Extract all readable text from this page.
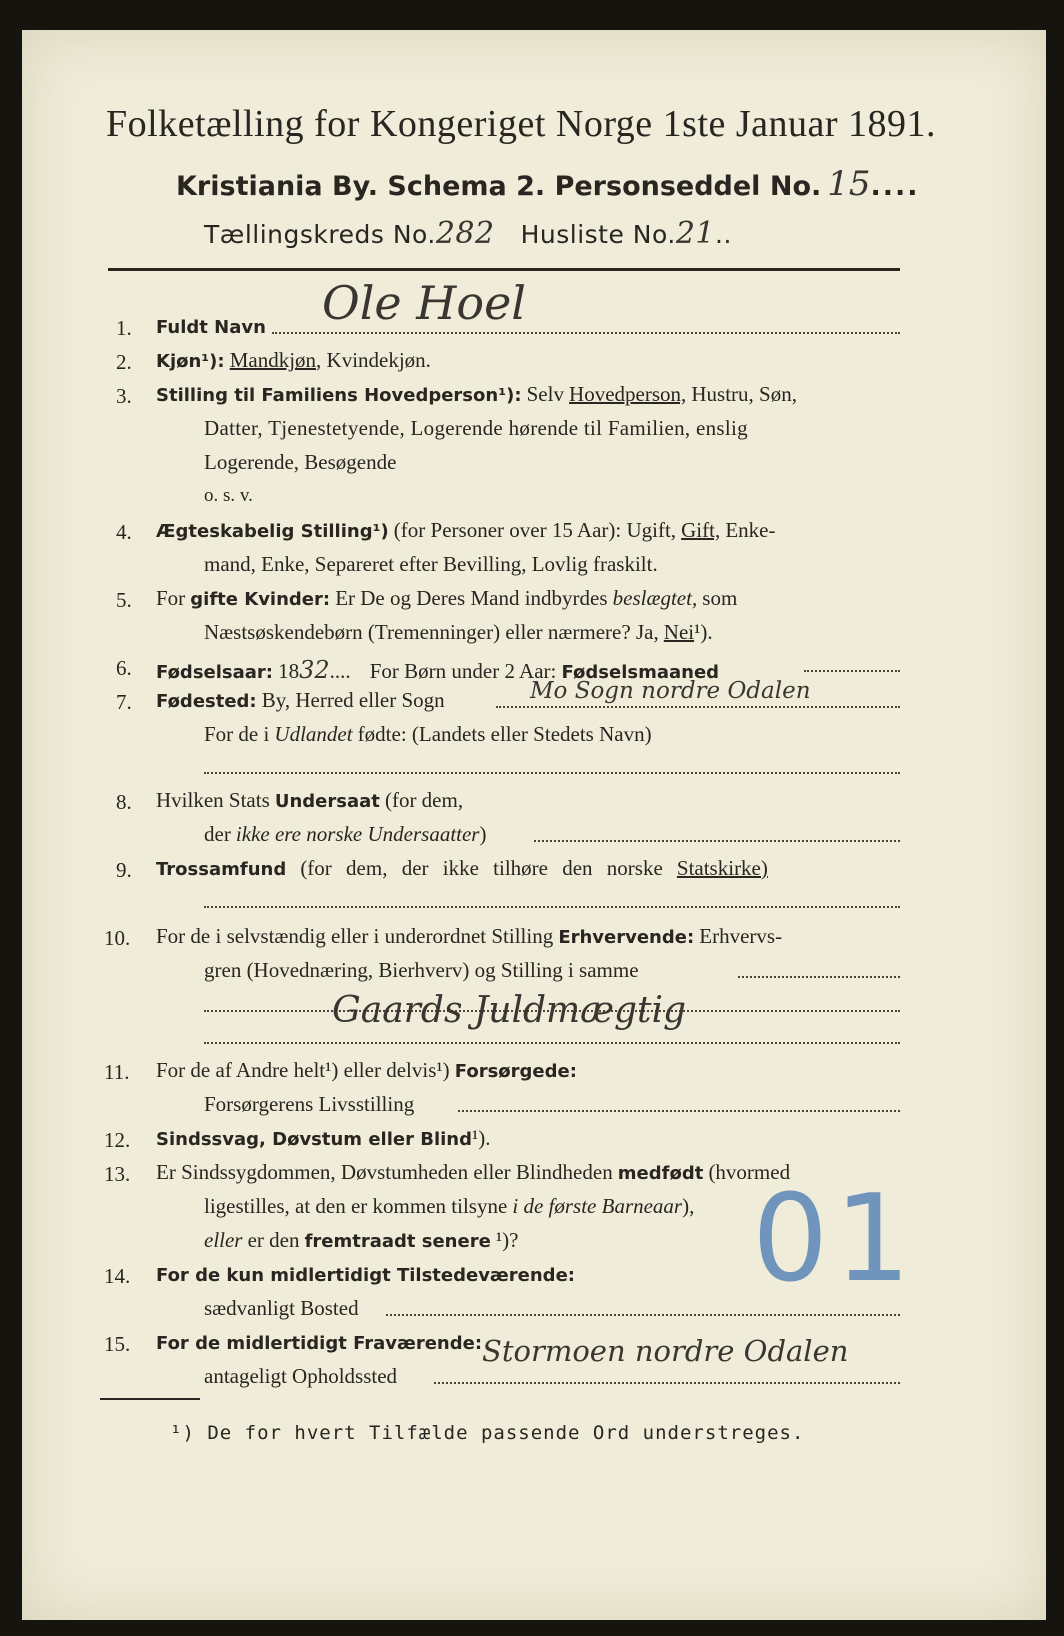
Folketælling for Kongeriget Norge 1ste Januar 1891.
Kristiania By. Schema 2. Personseddel No. 15....
Tællingskreds No.282 Husliste No.21..
1. Fuldt Navn Ole Hoel
2. Kjøn¹): Mandkjøn, Kvindekjøn.
3. Stilling til Familiens Hovedperson¹): Selv Hovedperson, Hustru, Søn,
Datter, Tjenestetyende, Logerende hørende til Familien, enslig
Logerende, Besøgende
o. s. v.
4. Ægteskabelig Stilling¹) (for Personer over 15 Aar): Ugift, Gift, Enke-
mand, Enke, Separeret efter Bevilling, Lovlig fraskilt.
5. For gifte Kvinder: Er De og Deres Mand indbyrdes beslægtet, som
Næstsøskendebørn (Tremenninger) eller nærmere? Ja, Nei¹).
6. Fødselsaar: 1832.... For Børn under 2 Aar: Fødselsmaaned
7. Fødested: By, Herred eller Sogn	Mo Sogn nordre Odalen
For de i Udlandet fødte: (Landets eller Stedets Navn)
8. Hvilken Stats Undersaat (for dem,
der ikke ere norske Undersaatter)
9. Trossamfund (for dem, der ikke tilhøre den norske Statskirke)
10. For de i selvstændig eller i underordnet Stilling Erhvervende: Erhvervs-
gren (Hovednæring, Bierhverv) og Stilling i samme
Gaards Juldmægtig
11. For de af Andre helt¹) eller delvis¹) Forsørgede:
Forsørgerens Livsstilling
12. Sindssvag, Døvstum eller Blind¹).
13. Er Sindssygdommen, Døvstumheden eller Blindheden medfødt (hvormed
ligestilles, at den er kommen tilsyne i de første Barneaar),
eller er den fremtraadt senere ¹)?
14. For de kun midlertidigt Tilstedeværende:
sædvanligt Bosted
15. For de midlertidigt Fraværende:
antageligt Opholdssted
Stormoen nordre Odalen
01
¹) De for hvert Tilfælde passende Ord understreges.
